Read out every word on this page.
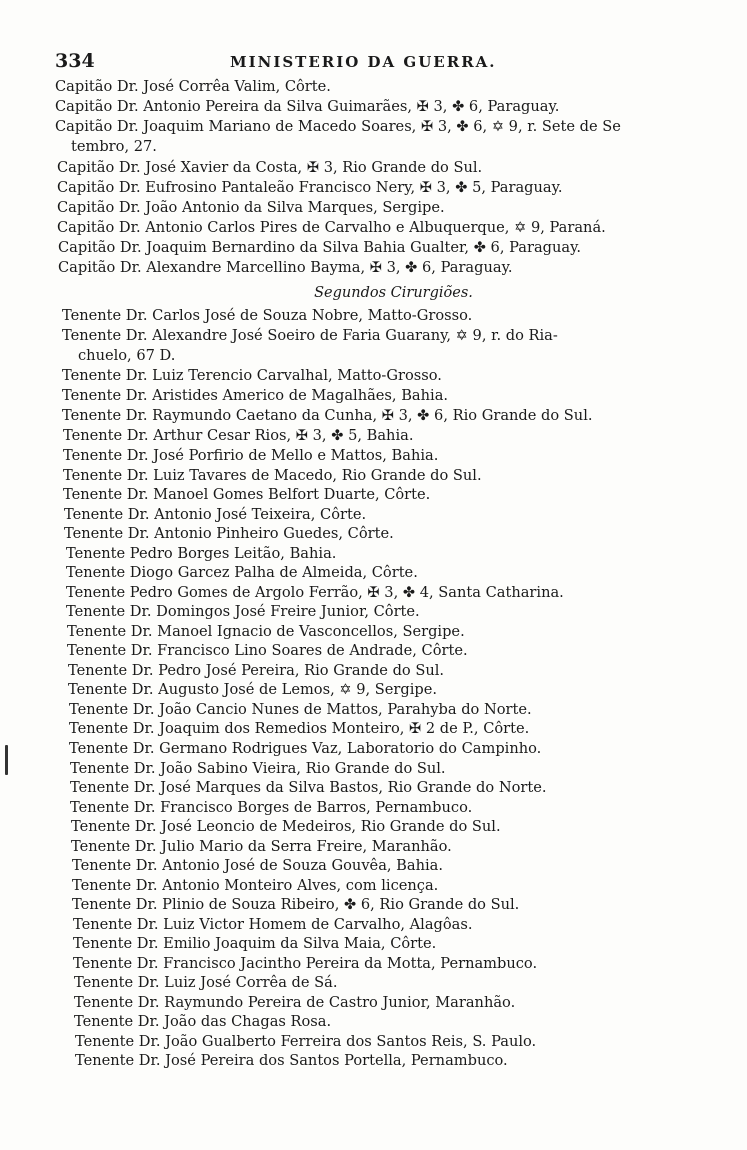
334	MINISTERIO DA GUERRA.
Capitão Dr. José Corrêa Valim, Côrte.
Capitão Dr. Antonio Pereira da Silva Guimarães, ✠ 3, ✤ 6, Paraguay.
Capitão Dr. Joaquim Mariano de Macedo Soares, ✠ 3, ✤ 6, ✡ 9, r. Sete de Se
tembro, 27.
Capitão Dr. José Xavier da Costa, ✠ 3, Rio Grande do Sul.
Capitão Dr. Eufrosino Pantaleão Francisco Nery, ✠ 3, ✤ 5, Paraguay.
Capitão Dr. João Antonio da Silva Marques, Sergipe.
Capitão Dr. Antonio Carlos Pires de Carvalho e Albuquerque, ✡ 9, Paraná.
Capitão Dr. Joaquim Bernardino da Silva Bahia Gualter, ✤ 6, Paraguay.
Capitão Dr. Alexandre Marcellino Bayma, ✠ 3, ✤ 6, Paraguay.
Segundos Cirurgiões.
Tenente Dr. Carlos José de Souza Nobre, Matto-Grosso.
Tenente Dr. Alexandre José Soeiro de Faria Guarany, ✡ 9, r. do Ria-
chuelo, 67 D.
Tenente Dr. Luiz Terencio Carvalhal, Matto-Grosso.
Tenente Dr. Aristides Americo de Magalhães, Bahia.
Tenente Dr. Raymundo Caetano da Cunha, ✠ 3, ✤ 6, Rio Grande do Sul.
Tenente Dr. Arthur Cesar Rios, ✠ 3, ✤ 5, Bahia.
Tenente Dr. José Porfirio de Mello e Mattos, Bahia.
Tenente Dr. Luiz Tavares de Macedo, Rio Grande do Sul.
Tenente Dr. Manoel Gomes Belfort Duarte, Côrte.
Tenente Dr. Antonio José Teixeira, Côrte.
Tenente Dr. Antonio Pinheiro Guedes, Côrte.
Tenente Pedro Borges Leitão, Bahia.
Tenente Diogo Garcez Palha de Almeida, Côrte.
Tenente Pedro Gomes de Argolo Ferrão, ✠ 3, ✤ 4, Santa Catharina.
Tenente Dr. Domingos José Freire Junior, Côrte.
Tenente Dr. Manoel Ignacio de Vasconcellos, Sergipe.
Tenente Dr. Francisco Lino Soares de Andrade, Côrte.
Tenente Dr. Pedro José Pereira, Rio Grande do Sul.
Tenente Dr. Augusto José de Lemos, ✡ 9, Sergipe.
Tenente Dr. João Cancio Nunes de Mattos, Parahyba do Norte.
Tenente Dr. Joaquim dos Remedios Monteiro, ✠ 2 de P., Côrte.
Tenente Dr. Germano Rodrigues Vaz, Laboratorio do Campinho.
Tenente Dr. João Sabino Vieira, Rio Grande do Sul.
Tenente Dr. José Marques da Silva Bastos, Rio Grande do Norte.
Tenente Dr. Francisco Borges de Barros, Pernambuco.
Tenente Dr. José Leoncio de Medeiros, Rio Grande do Sul.
Tenente Dr. Julio Mario da Serra Freire, Maranhão.
Tenente Dr. Antonio José de Souza Gouvêa, Bahia.
Tenente Dr. Antonio Monteiro Alves, com licença.
Tenente Dr. Plinio de Souza Ribeiro, ✤ 6, Rio Grande do Sul.
Tenente Dr. Luiz Victor Homem de Carvalho, Alagôas.
Tenente Dr. Emilio Joaquim da Silva Maia, Côrte.
Tenente Dr. Francisco Jacintho Pereira da Motta, Pernambuco.
Tenente Dr. Luiz José Corrêa de Sá.
Tenente Dr. Raymundo Pereira de Castro Junior, Maranhão.
Tenente Dr. João das Chagas Rosa.
Tenente Dr. João Gualberto Ferreira dos Santos Reis, S. Paulo.
Tenente Dr. José Pereira dos Santos Portella, Pernambuco.
